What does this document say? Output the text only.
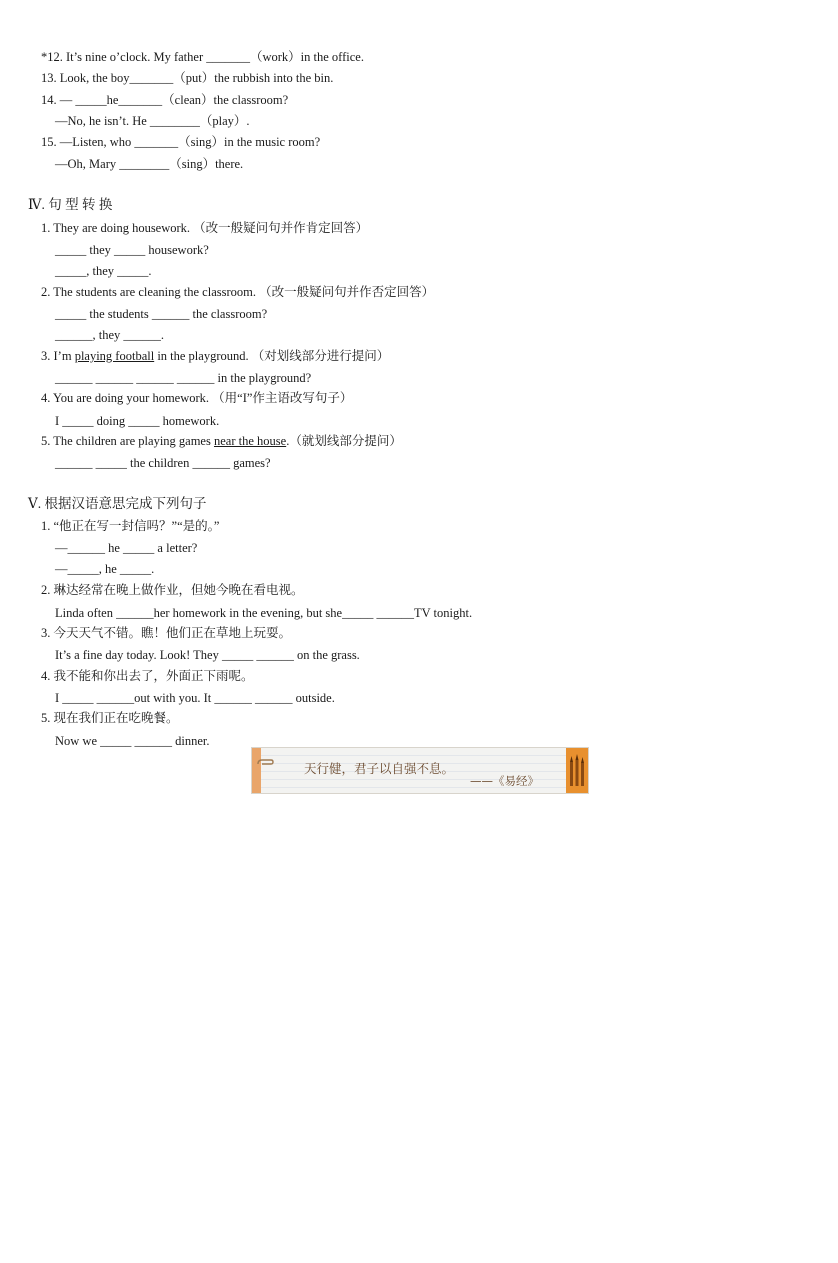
*12. It’s nine o’clock. My father _______（work）in the office.
13. Look, the boy_______（put）the rubbish into the bin.
14. — _____he_______（clean）the classroom?
—No, he isn’t. He ________（play）.
15. —Listen, who _______（sing）in the music room?
—Oh, Mary ________（sing）there.
Ⅳ. 句 型 转 换
1. They are doing housework. （改一般疑问句并作肯定回答）
_____ they _____ housework?
_____, they _____.
2. The students are cleaning the classroom. （改一般疑问句并作否定回答）
_____ the students ______ the classroom?
______, they ______.
3. I’m playing football in the playground. （对划线部分进行提问）
______ ______ ______ ______ in the playground?
4. You are doing your homework. （用“I”作主语改写句子）
I _____ doing _____ homework.
5. The children are playing games near the house.（就划线部分提问）
______ _____ the children ______ games?
Ⅴ. 根据汉语意思完成下列句子
1. “他正在写一封信吗？”“是的。”
—______ he _____ a letter?
—_____, he _____.
2. 琳达经常在晚上做作业，但她今晚在看电视。
Linda often ______her homework in the evening, but she_____ ______TV tonight.
3. 今天天气不错。瞧！他们正在草地上玩耍。
It’s a fine day today. Look! They _____ ______ on the grass.
4. 我不能和你出去了，外面正下雨呢。
I _____ ______out with you. It ______ ______ outside.
5. 现在我们正在吃晚餐。
Now we _____ ______ dinner.
天行健，君子以自强不息。
——《易经》
